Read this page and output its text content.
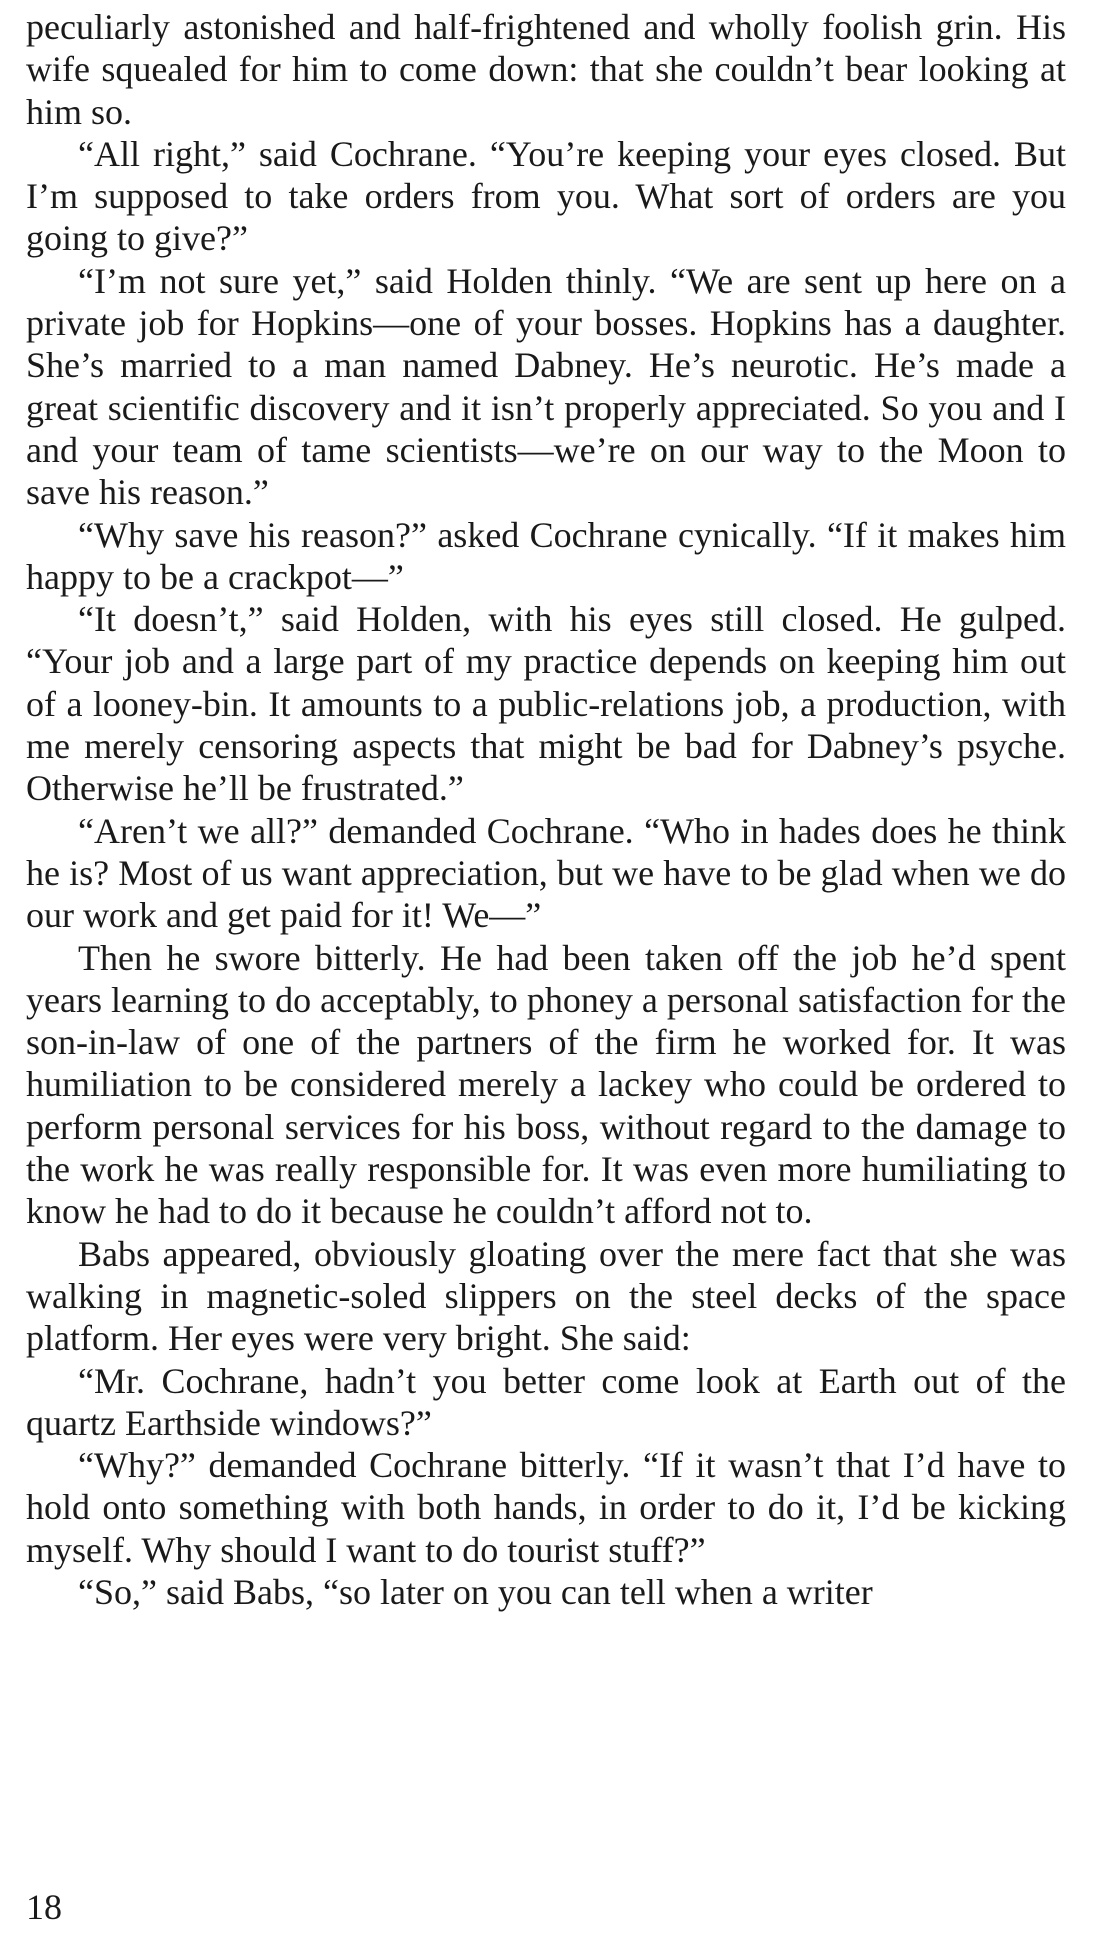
peculiarly astonished and half-frightened and wholly foolish grin. His wife squealed for him to come down: that she couldn’t bear looking at him so.

“All right,” said Cochrane. “You’re keeping your eyes closed. But I’m supposed to take orders from you. What sort of orders are you going to give?”

“I’m not sure yet,” said Holden thinly. “We are sent up here on a private job for Hopkins—one of your bosses. Hopkins has a daughter. She’s married to a man named Dabney. He’s neurotic. He’s made a great scientific discovery and it isn’t properly appreciated. So you and I and your team of tame scientists—we’re on our way to the Moon to save his reason.”

“Why save his reason?” asked Cochrane cynically. “If it makes him happy to be a crackpot—”

“It doesn’t,” said Holden, with his eyes still closed. He gulped. “Your job and a large part of my practice depends on keeping him out of a looney-bin. It amounts to a public-relations job, a production, with me merely censoring aspects that might be bad for Dabney’s psyche. Otherwise he’ll be frustrated.”

“Aren’t we all?” demanded Cochrane. “Who in hades does he think he is? Most of us want appreciation, but we have to be glad when we do our work and get paid for it! We—”

Then he swore bitterly. He had been taken off the job he’d spent years learning to do acceptably, to phoney a personal satisfaction for the son-in-law of one of the partners of the firm he worked for. It was humiliation to be considered merely a lackey who could be ordered to perform personal services for his boss, without regard to the damage to the work he was really responsible for. It was even more humiliating to know he had to do it because he couldn’t afford not to.

Babs appeared, obviously gloating over the mere fact that she was walking in magnetic-soled slippers on the steel decks of the space platform. Her eyes were very bright. She said:

“Mr. Cochrane, hadn’t you better come look at Earth out of the quartz Earthside windows?”

“Why?” demanded Cochrane bitterly. “If it wasn’t that I’d have to hold onto something with both hands, in order to do it, I’d be kicking myself. Why should I want to do tourist stuff?”

“So,” said Babs, “so later on you can tell when a writer

18
